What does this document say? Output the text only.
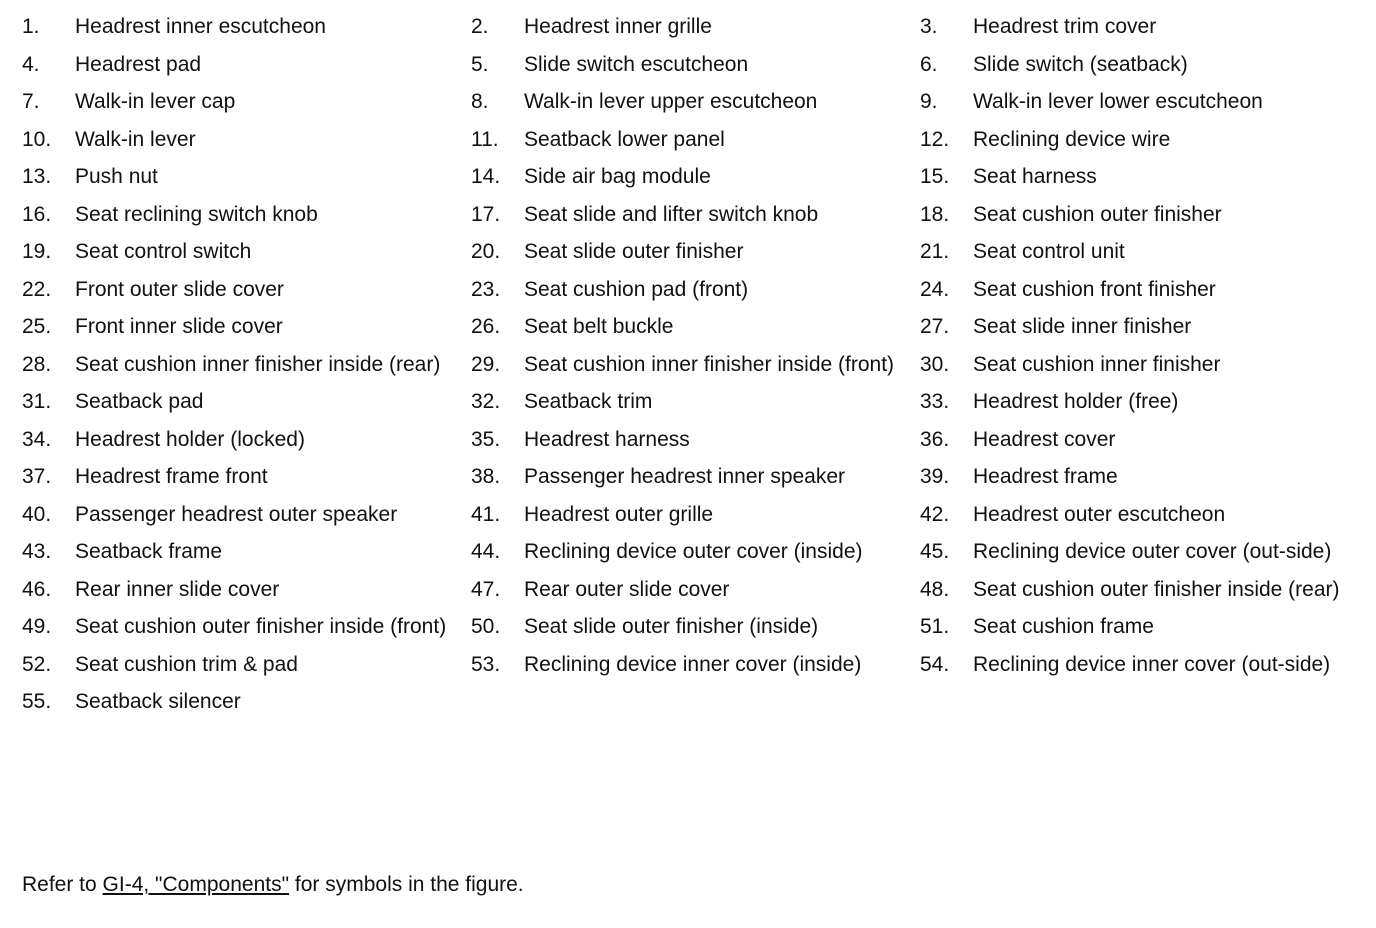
1.	Headrest inner escutcheon	2.	Headrest inner grille	3.	Headrest trim cover
4.	Headrest pad	5.	Slide switch escutcheon	6.	Slide switch (seatback)
7.	Walk-in lever cap	8.	Walk-in lever upper escutcheon	9.	Walk-in lever lower escutcheon
10.	Walk-in lever	11.	Seatback lower panel	12.	Reclining device wire
13.	Push nut	14.	Side air bag module	15.	Seat harness
16.	Seat reclining switch knob	17.	Seat slide and lifter switch knob	18.	Seat cushion outer finisher
19.	Seat control switch	20.	Seat slide outer finisher	21.	Seat control unit
22.	Front outer slide cover	23.	Seat cushion pad (front)	24.	Seat cushion front finisher
25.	Front inner slide cover	26.	Seat belt buckle	27.	Seat slide inner finisher
28.	Seat cushion inner finisher inside (rear)	29.	Seat cushion inner finisher inside (front)	30.	Seat cushion inner finisher
31.	Seatback pad	32.	Seatback trim	33.	Headrest holder (free)
34.	Headrest holder (locked)	35.	Headrest harness	36.	Headrest cover
37.	Headrest frame front	38.	Passenger headrest inner speaker	39.	Headrest frame
40.	Passenger headrest outer speaker	41.	Headrest outer grille	42.	Headrest outer escutcheon
43.	Seatback frame	44.	Reclining device outer cover (inside)	45.	Reclining device outer cover (out-side)
46.	Rear inner slide cover	47.	Rear outer slide cover	48.	Seat cushion outer finisher inside (rear)
49.	Seat cushion outer finisher inside (front)	50.	Seat slide outer finisher (inside)	51.	Seat cushion frame
52.	Seat cushion trim & pad	53.	Reclining device inner cover (inside)	54.	Reclining device inner cover (out-side)
55.	Seatback silencer
Refer to GI-4, "Components" for symbols in the figure.
